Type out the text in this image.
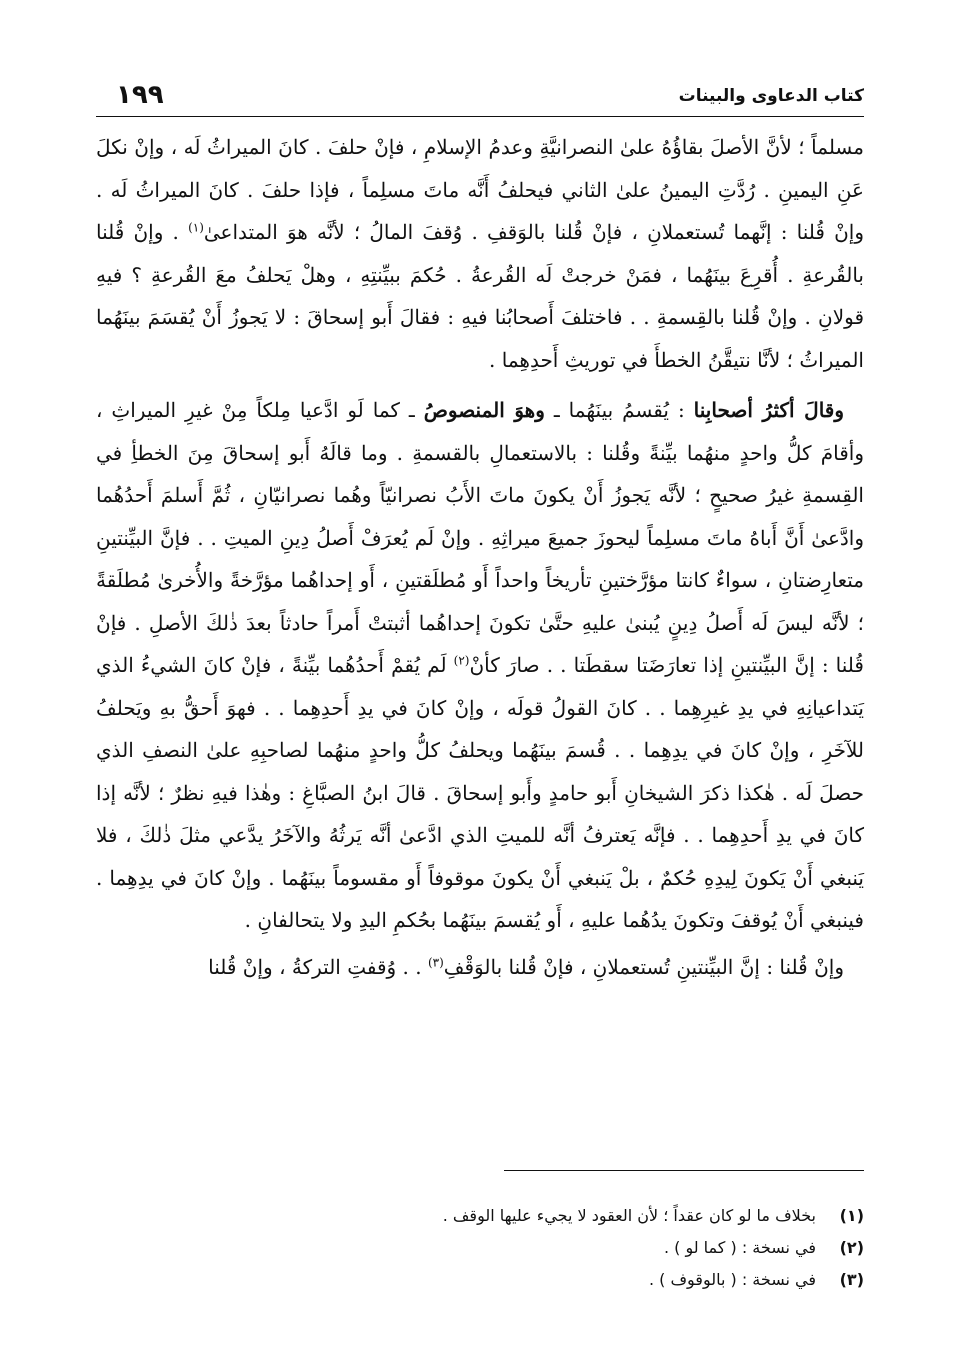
كتاب الدعاوى والبينات
١٩٩

مسلماً ؛ لأنَّ الأصلَ بقاؤُهُ علىٰ النصرانيَّةِ وعدمُ الإسلامِ ، فإنْ حلفَ . كانَ الميراثُ لَه ، وإنْ نكلَ عَنِ اليمينِ . رُدَّتِ اليمينُ علىٰ الثاني فيحلفُ أَنَّه ماتَ مسلِماً ، فإذا حلفَ . كانَ الميراثُ لَه . وإنْ قُلنا : إنَّهما تُستعملانِ ، فإنْ قُلنا بالوَقفِ . وُقفَ المالُ ؛ لأنَّه هوَ المتداعىٰ$^{(١)}$ . وإنْ قُلنا بالقُرعةِ . أُقرِعَ بينَهُما ، فمَنْ خرجتْ لَه القُرعةُ . حُكمَ ببيِّنتِهِ ، وهلْ يَحلفُ معَ القُرعةِ ؟ فيهِ قولانِ . وإنْ قُلنا بالقِسمةِ . . فاختلفَ أَصحابُنا فيهِ : فقالَ أَبو إسحاقَ : لا يَجوزُ أَنْ يُقسَمَ بينَهُما الميراثُ ؛ لأنَّا نتيقَّنُ الخطأَ في توريثِ أَحدِهِما .

وقالَ أكثرُ أصحابِنا : يُقسمُ بينَهُما ـ وهوَ المنصوصُ ـ كما لَو ادَّعيا مِلكاً مِنْ غيرِ الميراثِ ، وأقامَ كلُّ واحدٍ منهُما بيِّنةً وقُلنا : بالاستعمالِ بالقسمةِ . وما قالَهُ أَبو إسحاقَ مِنَ الخطأِ في القِسمةِ غيرُ صحيحٍ ؛ لأنَّه يَجوزُ أَنْ يكونَ ماتَ الأَبُ نصرانيّاً وهُما نصرانيّانِ ، ثُمَّ أَسلمَ أَحدُهُما وادَّعىٰ أَنَّ أَباهُ ماتَ مسلِماً ليحوزَ جميعَ ميراثِهِ . وإنْ لَم يُعرَفْ أَصلُ دِينِ الميتِ . . فإنَّ البيِّنتينِ متعارِضتانِ ، سواءٌ كانتا مؤرَّختينِ تأريخاً واحداً أَو مُطلَقتينِ ، أَو إحداهُما مؤرَّخةً والأُخرىٰ مُطلَقةً ؛ لأنَّه ليسَ لَه أَصلُ دِينٍ يُبنىٰ عليهِ حتَّىٰ تكونَ إحداهُما أثبتتْ أَمراً حادثاً بعدَ ذٰلكَ الأصلِ . فإنْ قُلنا : إنَّ البيِّنتينِ إذا تعارَضَتا سقطَتا . . صارَ كأنْ$^{(٢)}$ لَم يُقمْ أَحدُهُما بيِّنةً ، فإنْ كانَ الشيءُ الذي يَتداعيانِهِ في يدِ غيرِهِما . . كانَ القولُ قولَه ، وإنْ كانَ في يدِ أَحدِهِما . . فهوَ أَحقُّ بهِ ويَحلفُ للآخَرِ ، وإنْ كانَ في يدِهِما . . قُسمَ بينَهُما ويحلفُ كلُّ واحدٍ منهُما لصاحبِهِ علىٰ النصفِ الذي حصلَ لَه . هٰكذا ذكرَ الشيخانِ أَبو حامدٍ وأَبو إسحاقَ . قالَ ابنُ الصبَّاغِ : وهٰذا فيهِ نظرٌ ؛ لأنَّه إذا كانَ في يدِ أَحدِهِما . . فإنَّه يَعترفُ أنَّه للميتِ الذي ادَّعىٰ أنَّه يَرثُهُ والآخَرُ يدَّعي مثلَ ذٰلكَ ، فلا يَنبغي أَنْ يَكونَ لِيدِهِ حُكمٌ ، بلْ يَنبغي أَنْ يكونَ موقوفاً أَو مقسوماً بينَهُما . وإنْ كانَ في يدِهِما . فينبغي أَنْ يُوقفَ وتكونَ يدُهُما عليهِ ، أَو يُقسمَ بينَهُما بحُكمِ اليدِ ولا يتحالفانِ .

وإنْ قُلنا : إنَّ البيِّنتينِ تُستعملانِ ، فإنْ قُلنا بالوَقْفِ$^{(٣)}$ . . وُقفتِ التركةُ ، وإنْ قُلنا

(١)
بخلاف ما لو كان عقداً ؛ لأن العقود لا يجيء عليها الوقف .
(٢)
في نسخة : ( كما لو ) .
(٣)
في نسخة : ( بالوقوف ) .
